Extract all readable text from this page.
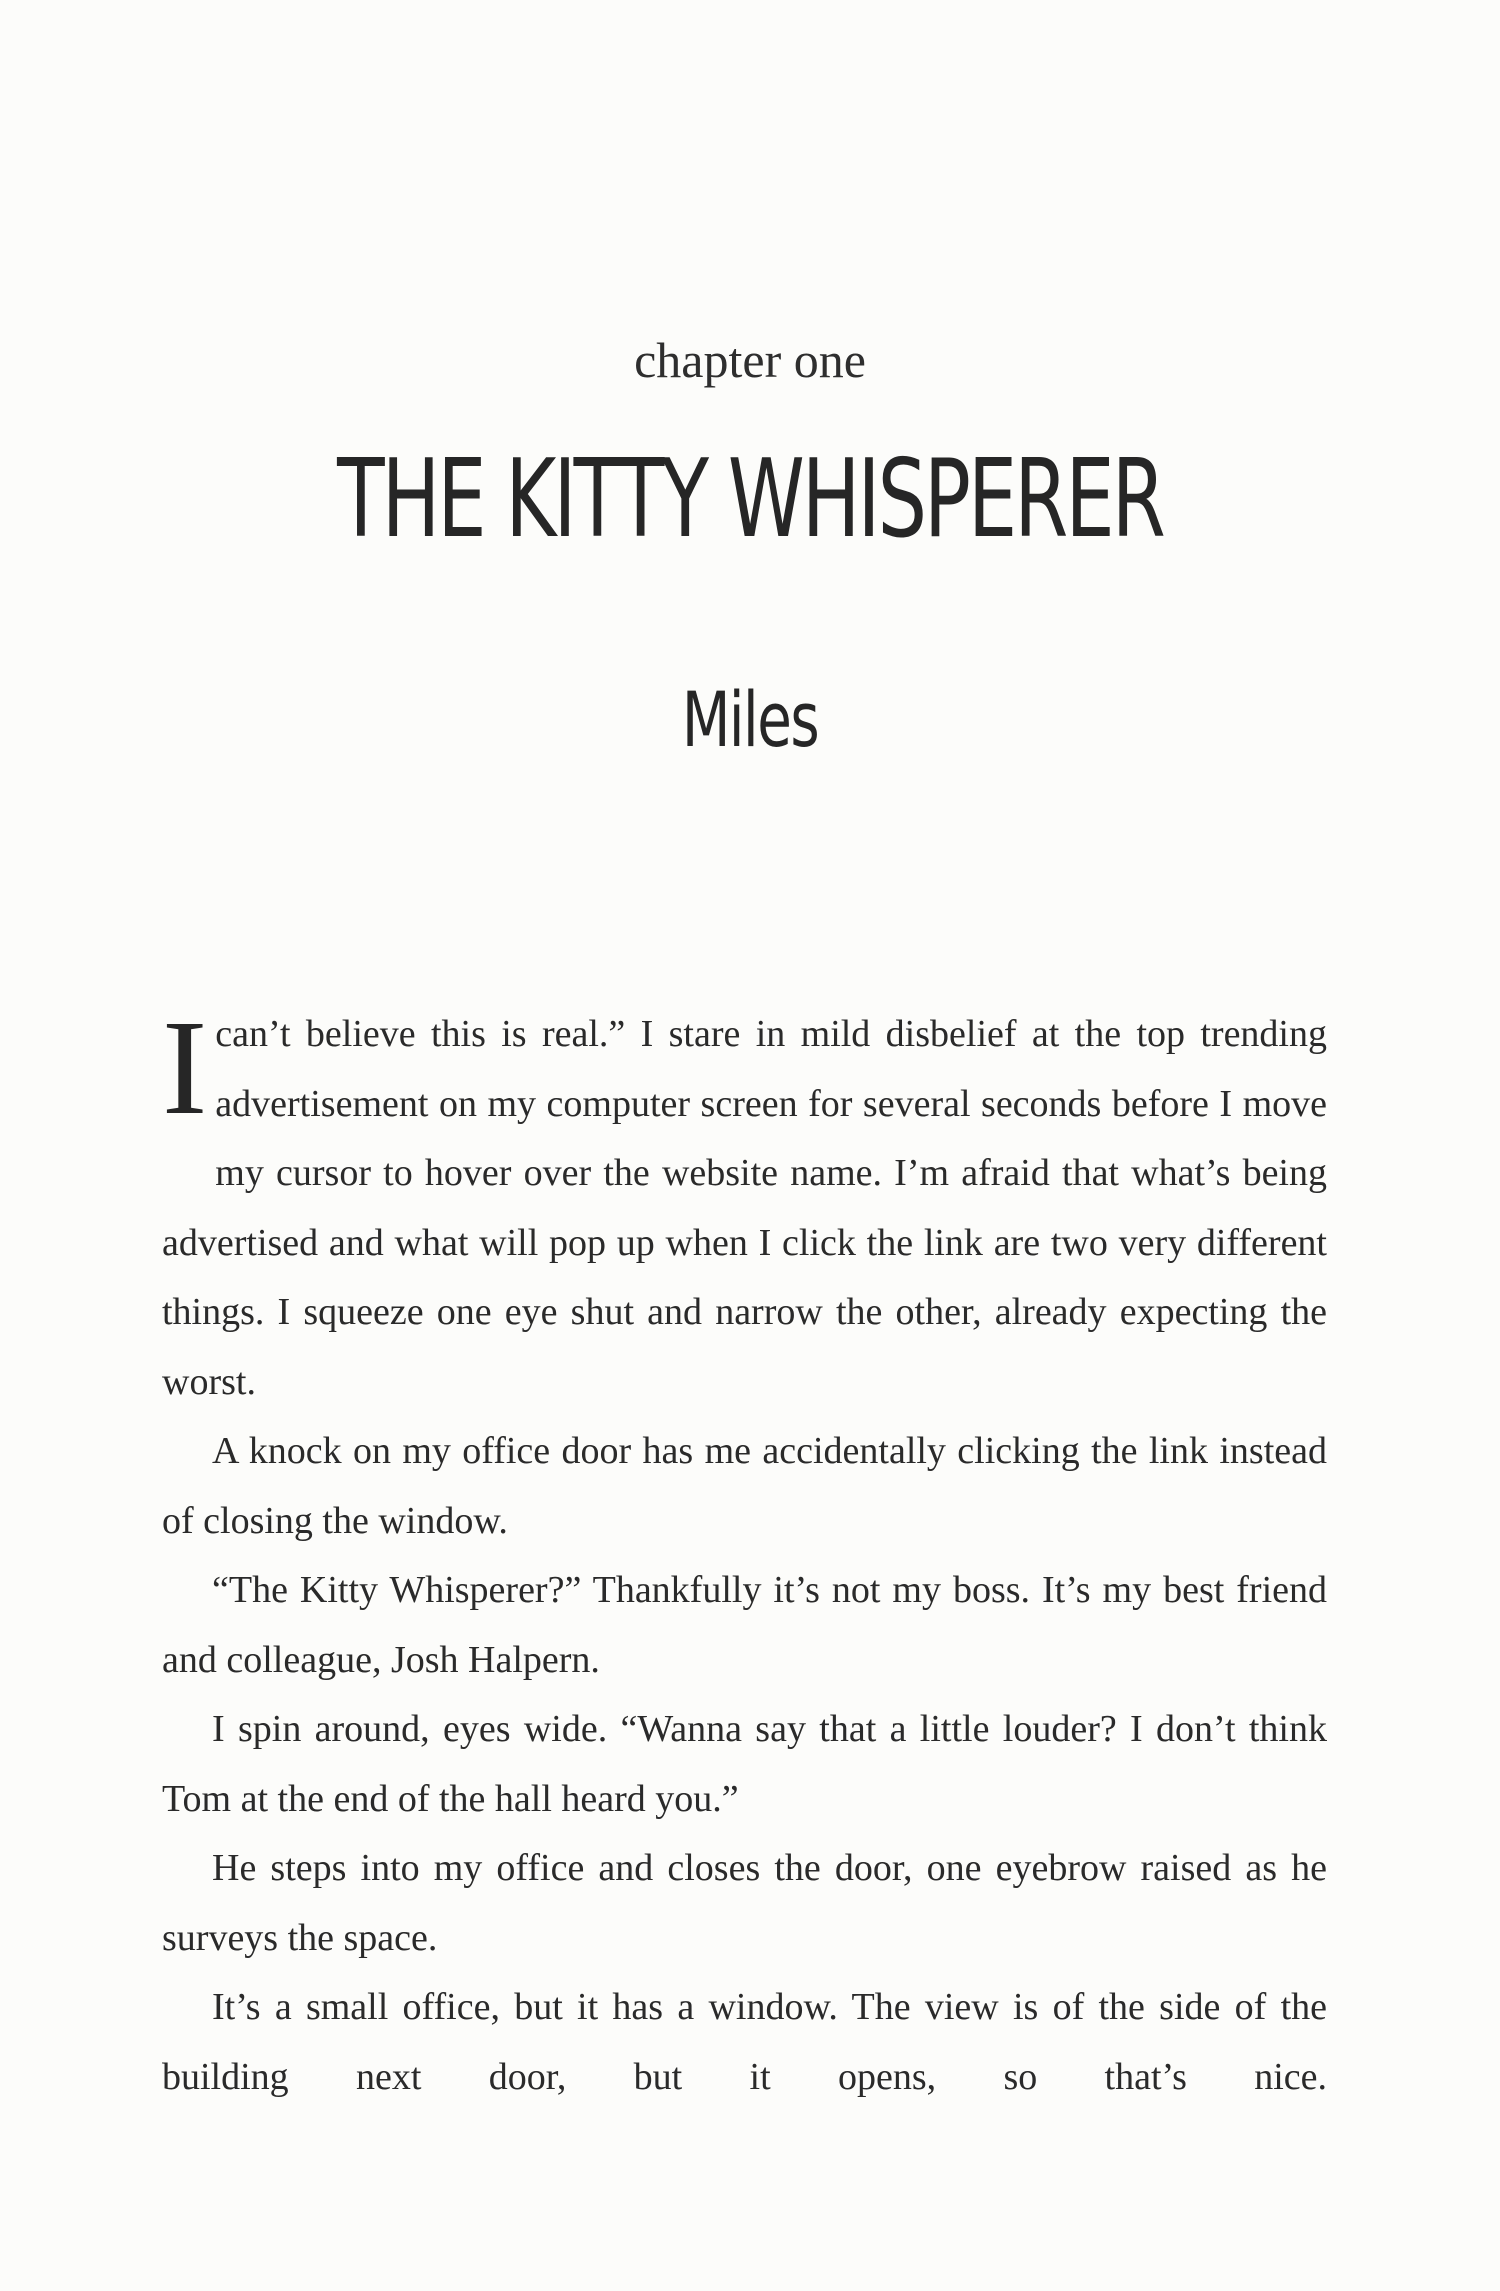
chapter one
THE KITTY WHISPERER
Miles

Ican’t believe this is real.” I stare in mild disbelief at the top trending advertisement on my computer screen for several seconds before I move my cursor to hover over the website name. I’m afraid that what’s being advertised and what will pop up when I click the link are two very different things. I squeeze one eye shut and narrow the other, already expecting the worst.

A knock on my office door has me accidentally clicking the link instead of closing the window.

“The Kitty Whisperer?” Thankfully it’s not my boss. It’s my best friend and colleague, Josh Halpern.

I spin around, eyes wide. “Wanna say that a little louder? I don’t think Tom at the end of the hall heard you.”

He steps into my office and closes the door, one eyebrow raised as he surveys the space.

It’s a small office, but it has a window. The view is of the side of the building next door, but it opens, so that’s nice.
